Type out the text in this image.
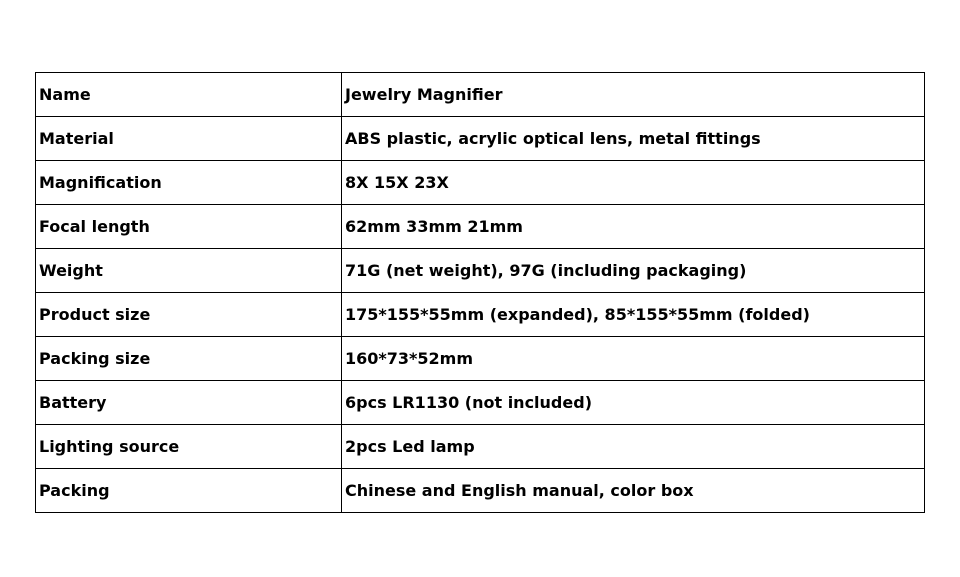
Name	Jewelry Magnifier
Material	ABS plastic, acrylic optical lens, metal fittings
Magnification	8X 15X 23X
Focal length	62mm 33mm 21mm
Weight	71G (net weight), 97G (including packaging)
Product size	175*155*55mm (expanded), 85*155*55mm (folded)
Packing size	160*73*52mm
Battery	6pcs LR1130 (not included)
Lighting source	2pcs Led lamp
Packing	Chinese and English manual, color box
